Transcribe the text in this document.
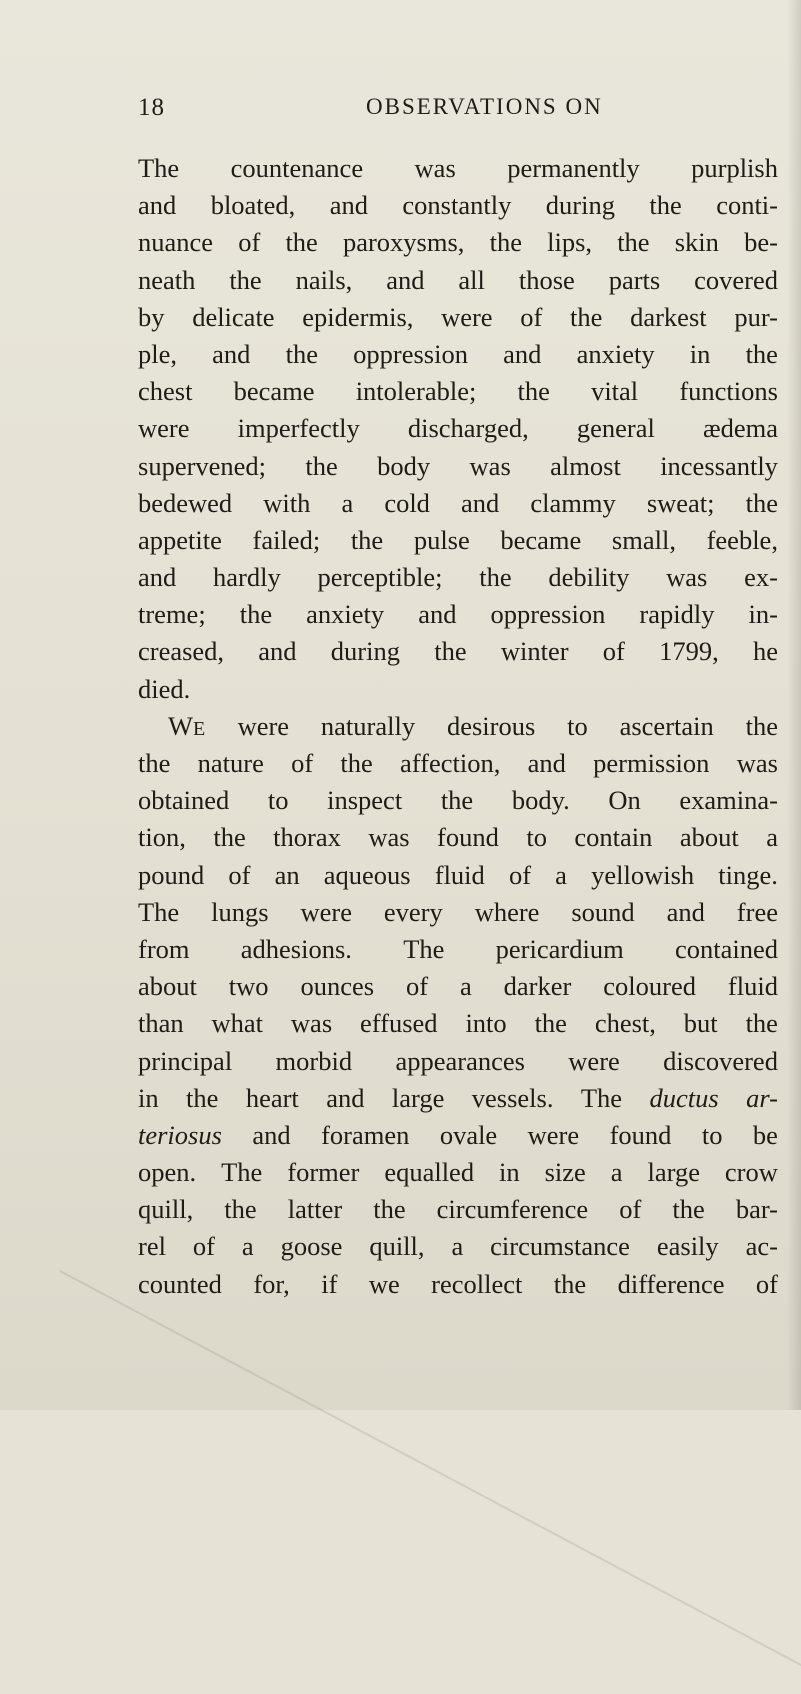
18	OBSERVATIONS ON
The countenance was permanently purplish
and bloated, and constantly during the conti-
nuance of the paroxysms, the lips, the skin be-
neath the nails, and all those parts covered
by delicate epidermis, were of the darkest pur-
ple, and the oppression and anxiety in the
chest became intolerable; the vital functions
were imperfectly discharged, general ædema
supervened; the body was almost incessantly
bedewed with a cold and clammy sweat; the
appetite failed; the pulse became small, feeble,
and hardly perceptible; the debility was ex-
treme; the anxiety and oppression rapidly in-
creased, and during the winter of 1799, he
died.
WE were naturally desirous to ascertain the
the nature of the affection, and permission was
obtained to inspect the body. On examina-
tion, the thorax was found to contain about a
pound of an aqueous fluid of a yellowish tinge.
The lungs were every where sound and free
from adhesions. The pericardium contained
about two ounces of a darker coloured fluid
than what was effused into the chest, but the
principal morbid appearances were discovered
in the heart and large vessels. The ductus ar-
teriosus and foramen ovale were found to be
open. The former equalled in size a large crow
quill, the latter the circumference of the bar-
rel of a goose quill, a circumstance easily ac-
counted for, if we recollect the difference of
